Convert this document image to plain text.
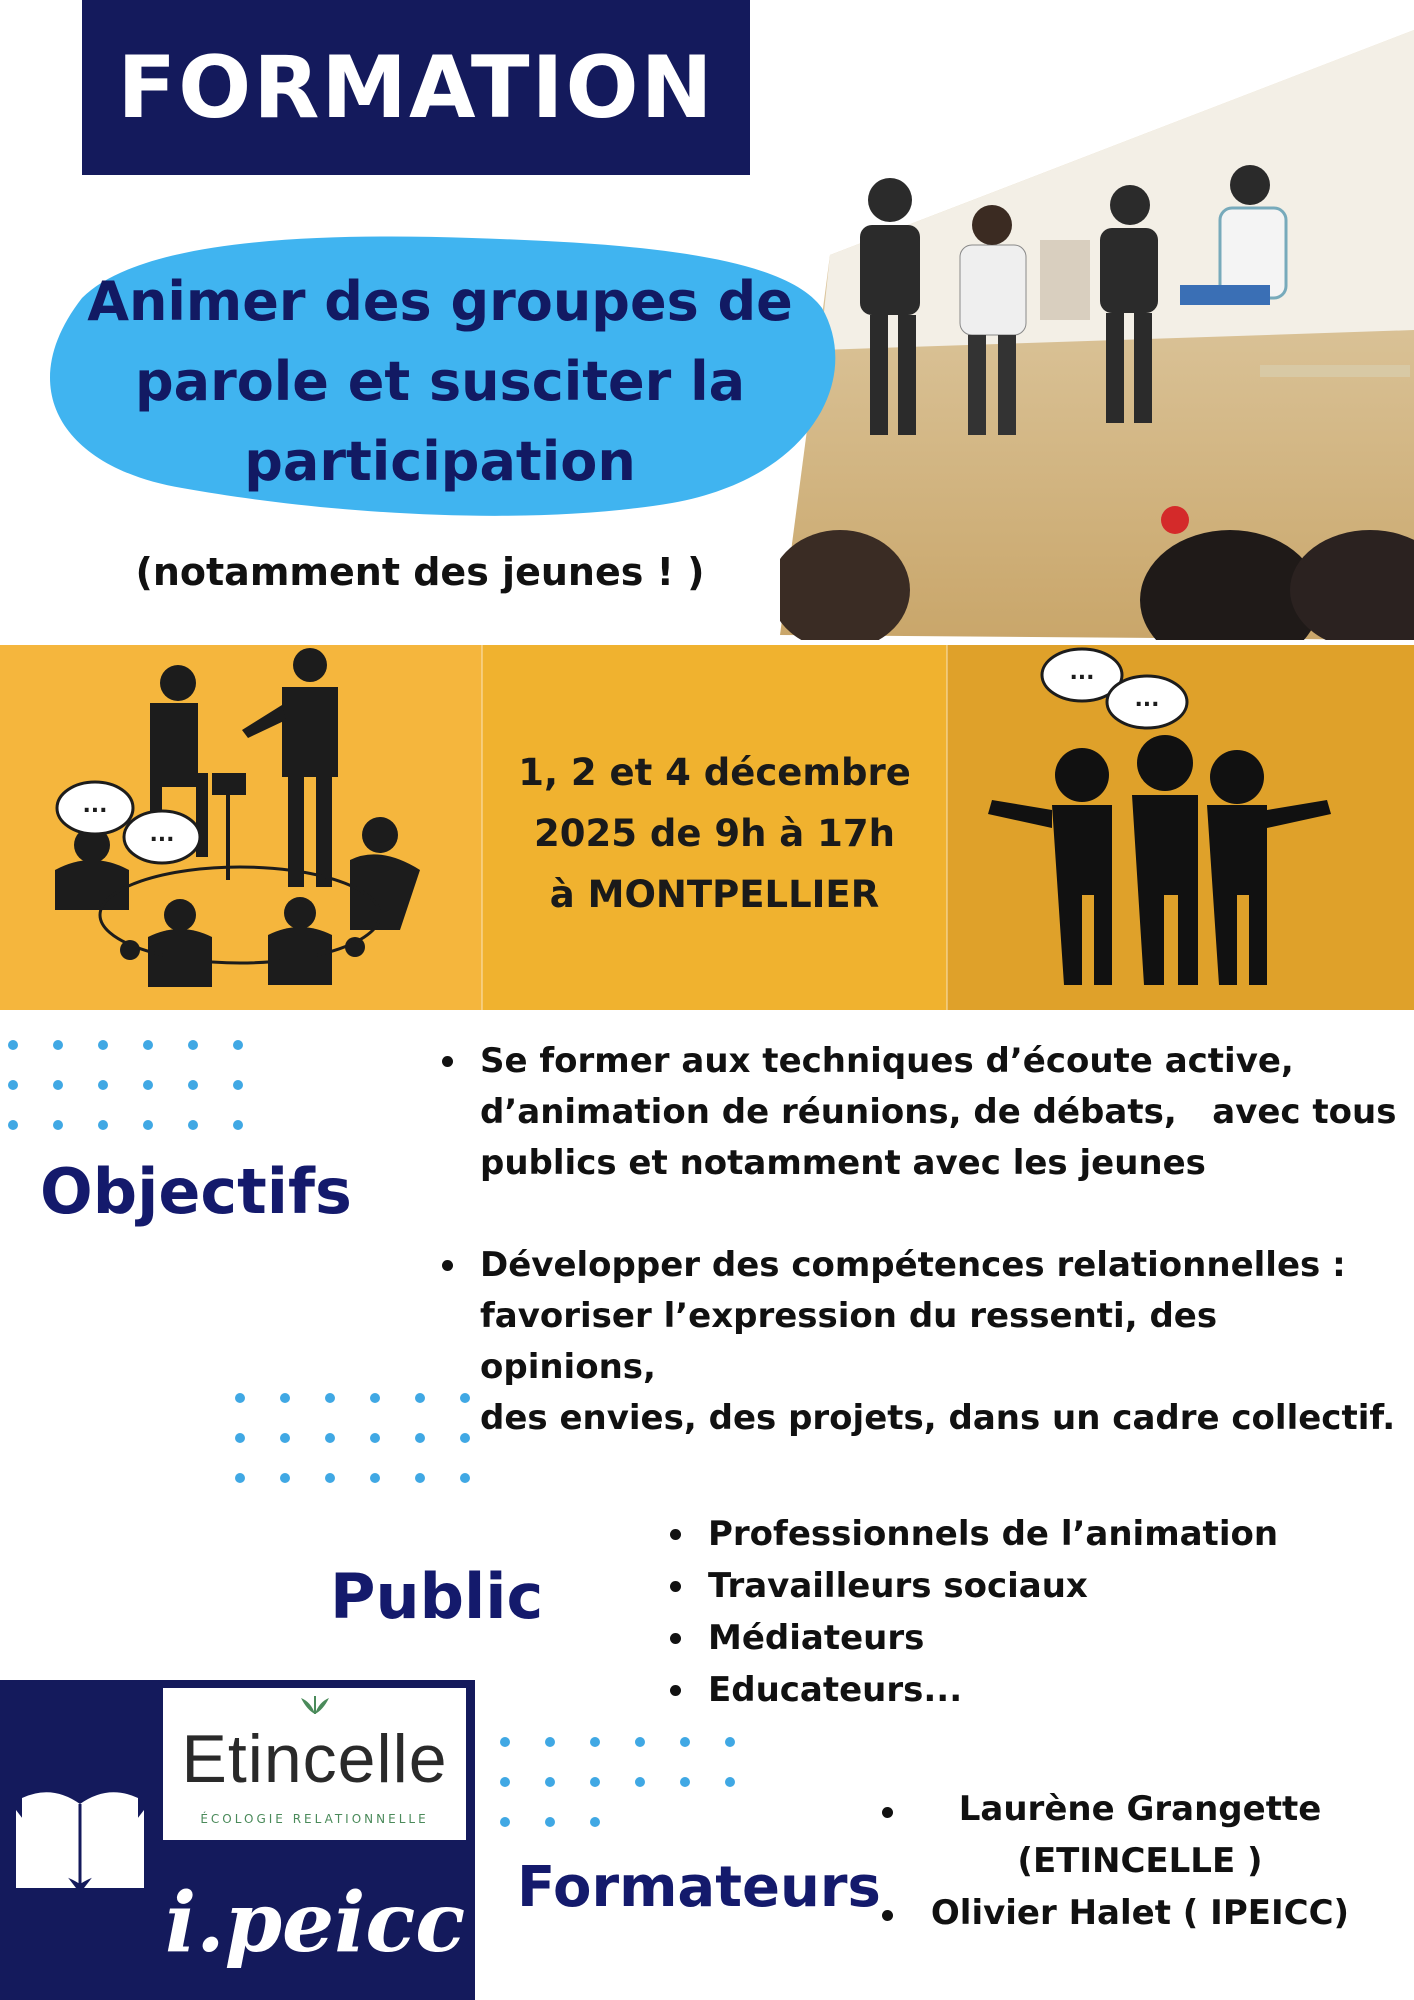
FORMATION
Animer des groupes de
parole et susciter la
participation
(notamment des jeunes ! )
...
...
...
...
1, 2 et 4 décembre
2025 de 9h à 17h
à MONTPELLIER
Objectifs
Se former aux techniques d’écoute active,
d’animation de réunions, de débats,   avec tous
publics et notamment avec les jeunes
Développer des compétences relationnelles :
favoriser l’expression du ressenti, des opinions,
des envies, des projets, dans un cadre collectif.
Public
Professionnels de l’animation
Travailleurs sociaux
Médiateurs
Educateurs...
Etincelle
ÉCOLOGIE RELATIONNELLE
i.peicc Formateurs
Laurène Grangette
(ETINCELLE )
Olivier Halet ( IPEICC)
